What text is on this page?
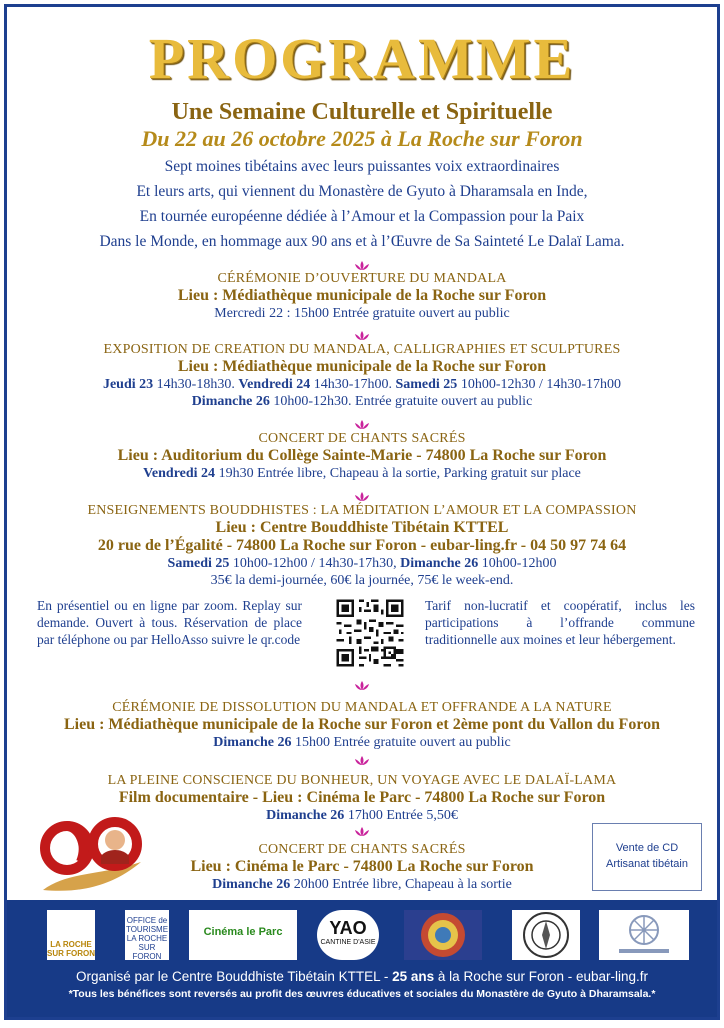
PROGRAMME
Une Semaine Culturelle et Spirituelle
Du 22 au 26 octobre 2025 à La Roche sur Foron
Sept moines tibétains avec leurs puissantes voix extraordinaires
Et leurs arts, qui viennent du Monastère de Gyuto à Dharamsala en Inde,
En tournée européenne dédiée à l’Amour et la Compassion pour la Paix
Dans le Monde, en hommage aux 90 ans et à l’Œuvre de Sa Sainteté Le Dalaï Lama.
CÉRÉMONIE D’OUVERTURE DU MANDALA
Lieu : Médiathèque municipale de la Roche sur Foron
Mercredi 22 : 15h00 Entrée gratuite ouvert au public
EXPOSITION DE CREATION DU MANDALA, CALLIGRAPHIES ET SCULPTURES
Lieu : Médiathèque municipale de la Roche sur Foron
Jeudi 23 14h30-18h30. Vendredi 24 14h30-17h00. Samedi 25 10h00-12h30 / 14h30-17h00
Dimanche 26 10h00-12h30. Entrée gratuite ouvert au public
CONCERT DE CHANTS SACRÉS
Lieu : Auditorium du Collège Sainte-Marie - 74800 La Roche sur Foron
Vendredi 24 19h30 Entrée libre, Chapeau à la sortie, Parking gratuit sur place
ENSEIGNEMENTS BOUDDHISTES : LA MÉDITATION L’AMOUR ET LA COMPASSION
Lieu : Centre Bouddhiste Tibétain KTTEL
20 rue de l’Égalité - 74800 La Roche sur Foron - eubar-ling.fr - 04 50 97 74 64
Samedi 25 10h00-12h00 / 14h30-17h30, Dimanche 26 10h00-12h00
35€ la demi-journée, 60€ la journée, 75€ le week-end.
En présentiel ou en ligne par zoom. Replay sur demande. Ouvert à tous. Réservation de place par téléphone ou par HelloAsso suivre le qr.code
Tarif non-lucratif et coopératif, inclus les participations à l’offrande commune traditionnelle aux moines et leur hébergement.
CÉRÉMONIE DE DISSOLUTION DU MANDALA ET OFFRANDE A LA NATURE
Lieu : Médiathèque municipale de la Roche sur Foron et 2ème pont du Vallon du Foron
Dimanche 26 15h00 Entrée gratuite ouvert au public
LA PLEINE CONSCIENCE DU BONHEUR, UN VOYAGE AVEC LE DALAÏ-LAMA
Film documentaire - Lieu : Cinéma le Parc - 74800 La Roche sur Foron
Dimanche 26 17h00 Entrée 5,50€
CONCERT DE CHANTS SACRÉS
Lieu : Cinéma le Parc - 74800 La Roche sur Foron
Dimanche 26 20h00 Entrée libre, Chapeau à la sortie
Vente de CD
Artisanat tibétain
LA ROCHE SUR FORON
OFFICE de TOURISME LA ROCHE SUR FORON
Cinéma le Parc	YAO
CANTINE D'ASIE
Organisé par le Centre Bouddhiste Tibétain KTTEL - 25 ans à la Roche sur Foron - eubar-ling.fr
*Tous les bénéfices sont reversés au profit des œuvres éducatives et sociales du Monastère de Gyuto à Dharamsala.*
